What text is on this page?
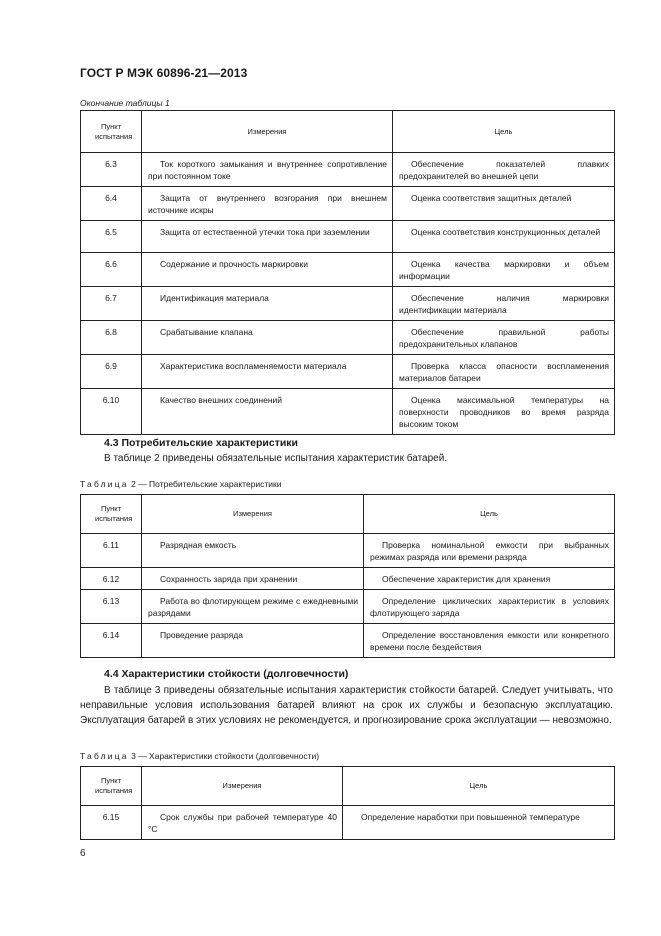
ГОСТ Р МЭК 60896-21—2013
Окончание таблицы 1
Пункт испытания	Измерения	Цель
6.3	Ток короткого замыкания и внутреннее сопротивление при постоянном токе	Обеспечение показателей плавких предохранителей во внешней цепи
6.4	Защита от внутреннего возгорания при внешнем источнике искры	Оценка соответствия защитных деталей
6.5	Защита от естественной утечки тока при заземлении	Оценка соответствия конструкционных деталей
6.6	Содержание и прочность маркировки	Оценка качества маркировки и объем информации
6.7	Идентификация материала	Обеспечение наличия маркировки идентификации материала
6.8	Срабатывание клапана	Обеспечение правильной работы предохранительных клапанов
6.9	Характеристика воспламеняемости материала	Проверка класса опасности воспламенения материалов батареи
6.10	Качество внешних соединений	Оценка максимальной температуры на поверхности проводников во время разряда высоким током
4.3 Потребительские характеристики
В таблице 2 приведены обязательные испытания характеристик батарей.
Таблица 2 — Потребительские характеристики
Пункт испытания	Измерения	Цель
6.11	Разрядная емкость	Проверка номинальной емкости при выбранных режимах разряда или времени разряда
6.12	Сохранность заряда при хранении	Обеспечение характеристик для хранения
6.13	Работа во флотирующем режиме с ежедневными разрядами	Определение циклических характеристик в условиях флотирующего заряда
6.14	Проведение разряда	Определение восстановления емкости или конкретного времени после бездействия
4.4 Характеристики стойкости (долговечности)
В таблице 3 приведены обязательные испытания характеристик стойкости батарей. Следует учитывать, что неправильные условия использования батарей влияют на срок их службы и безопасную эксплуатацию. Эксплуатация батарей в этих условиях не рекомендуется, и прогнозирование срока эксплуатации — невозможно.
Таблица 3 — Характеристики стойкости (долговечности)
Пункт испытания	Измерения	Цель
6.15	Срок службы при рабочей температуре 40 °С	Определение наработки при повышенной температуре
6
